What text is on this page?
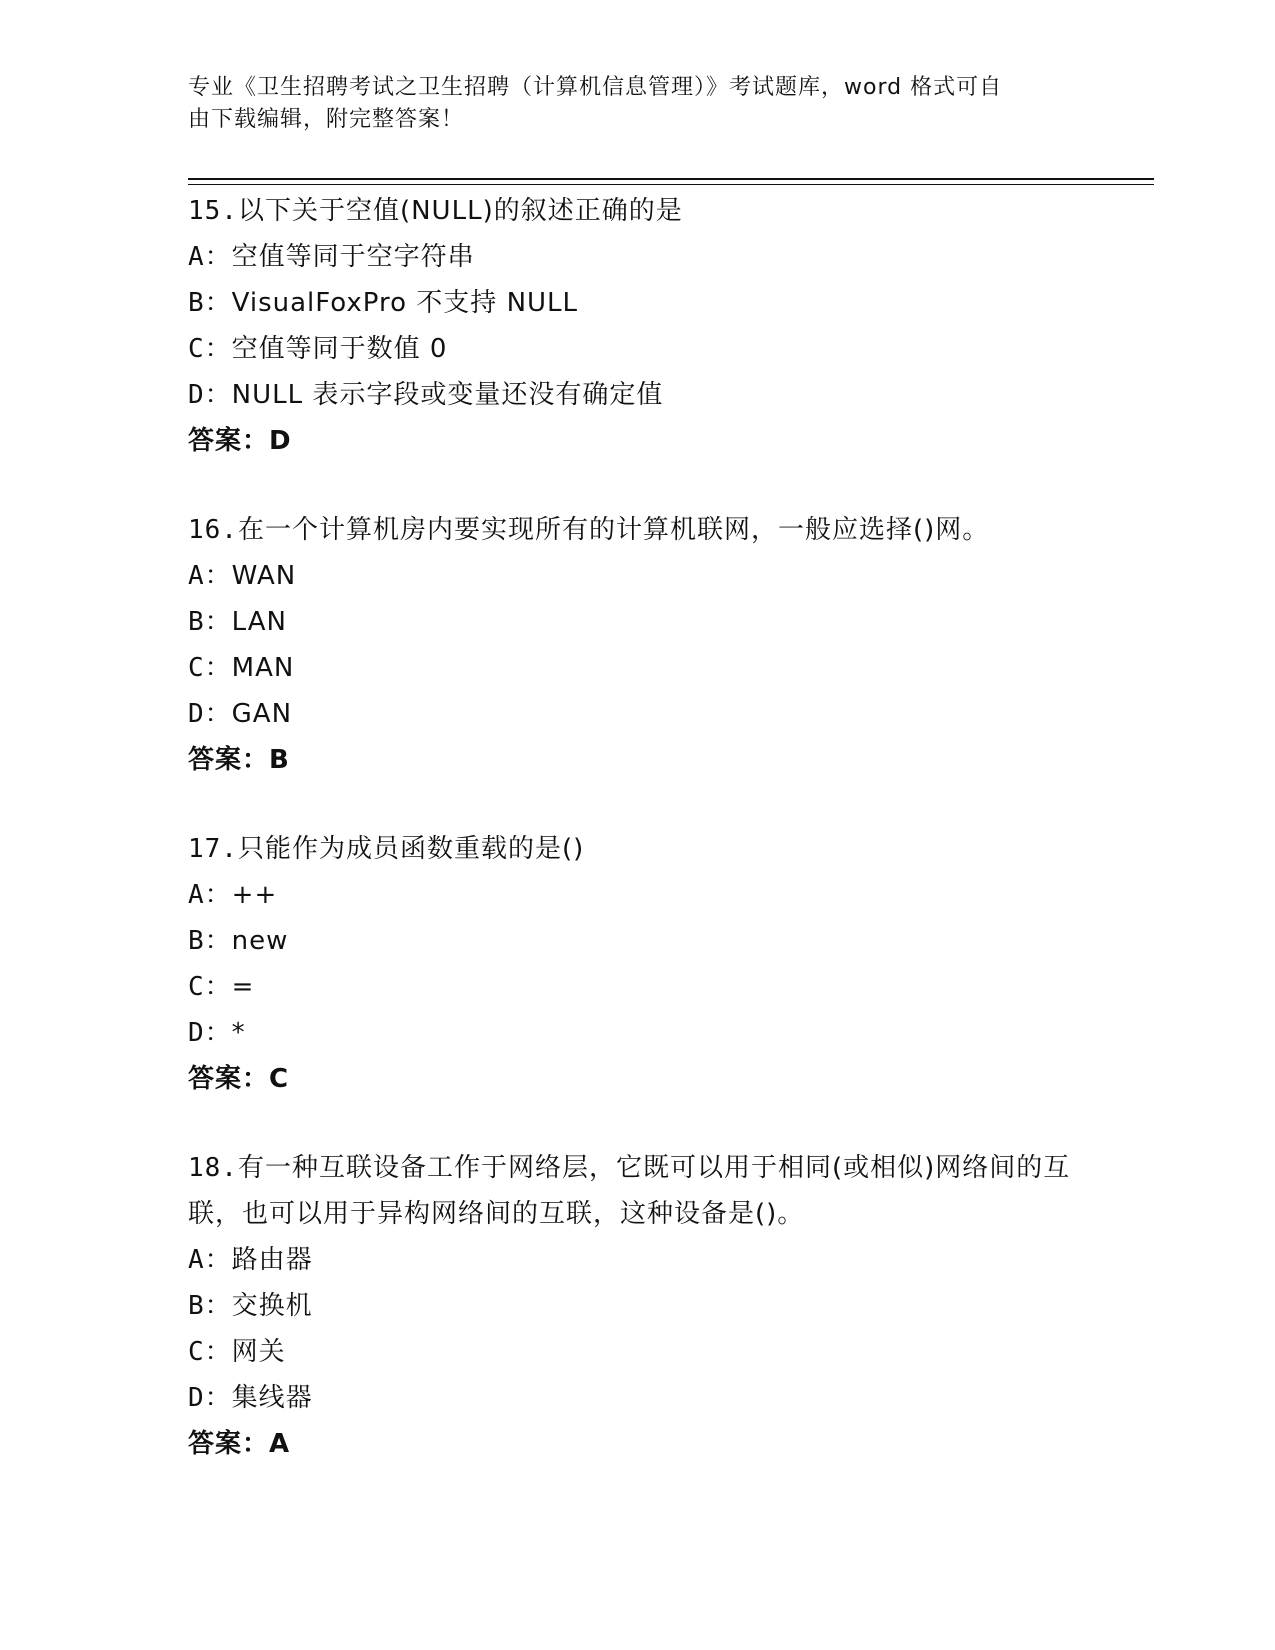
专业《卫生招聘考试之卫生招聘（计算机信息管理）》考试题库，word 格式可自
由下载编辑，附完整答案！
15.以下关于空值(NULL)的叙述正确的是
A：空值等同于空字符串
B：VisualFoxPro 不支持 NULL
C：空值等同于数值 0
D：NULL 表示字段或变量还没有确定值
答案：D
16.在一个计算机房内要实现所有的计算机联网，一般应选择()网。
A：WAN
B：LAN
C：MAN
D：GAN
答案：B
17.只能作为成员函数重载的是()
A：++
B：new
C：=
D：*
答案：C
18.有一种互联设备工作于网络层，它既可以用于相同(或相似)网络间的互联，也可以用于异构网络间的互联，这种设备是()。
A：路由器
B：交换机
C：网关
D：集线器
答案：A
